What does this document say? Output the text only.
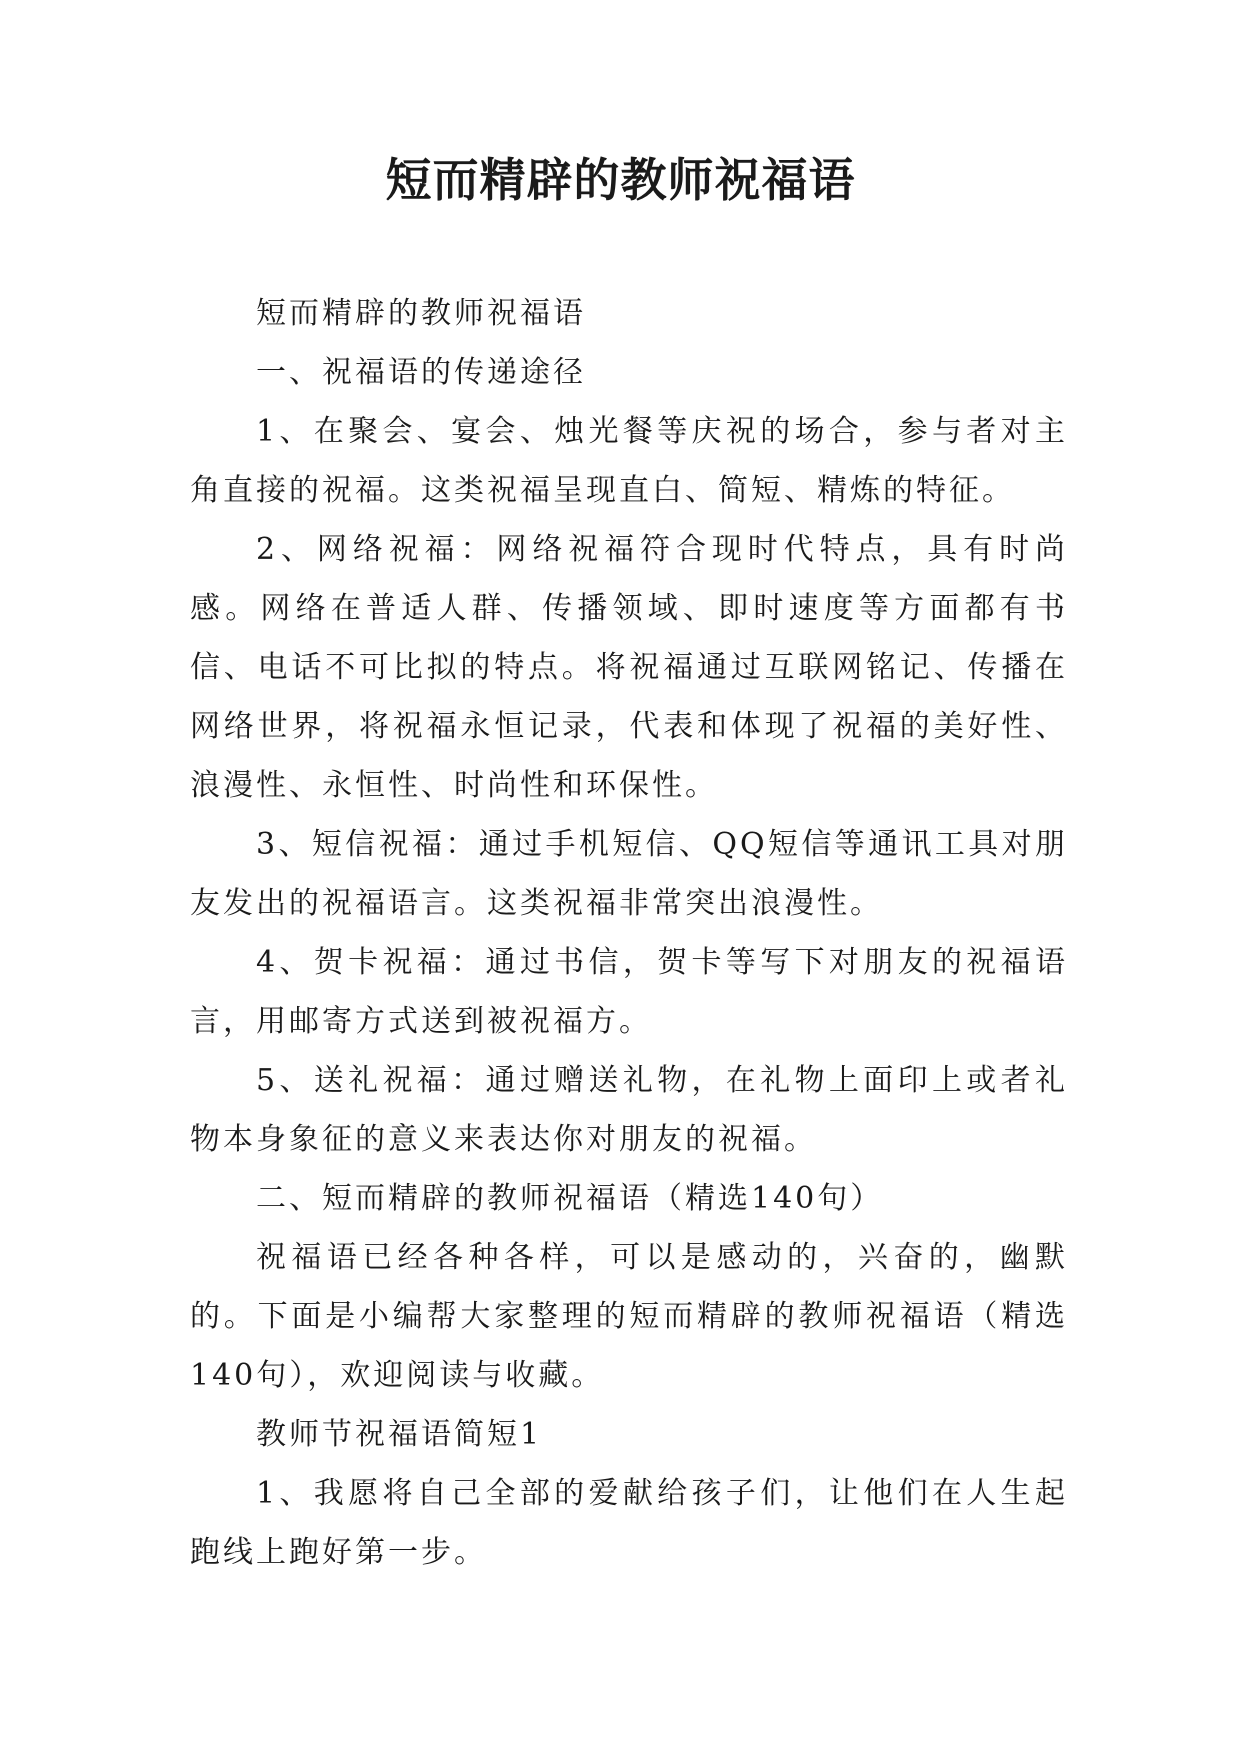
短而精辟的教师祝福语

短而精辟的教师祝福语

一、祝福语的传递途径

1、在聚会、宴会、烛光餐等庆祝的场合，参与者对主角直接的祝福。这类祝福呈现直白、简短、精炼的特征。

2、网络祝福：网络祝福符合现时代特点，具有时尚感。网络在普适人群、传播领域、即时速度等方面都有书信、电话不可比拟的特点。将祝福通过互联网铭记、传播在网络世界，将祝福永恒记录，代表和体现了祝福的美好性、浪漫性、永恒性、时尚性和环保性。

3、短信祝福：通过手机短信、QQ短信等通讯工具对朋友发出的祝福语言。这类祝福非常突出浪漫性。

4、贺卡祝福：通过书信，贺卡等写下对朋友的祝福语言，用邮寄方式送到被祝福方。

5、送礼祝福：通过赠送礼物，在礼物上面印上或者礼物本身象征的意义来表达你对朋友的祝福。

二、短而精辟的教师祝福语（精选140句）

祝福语已经各种各样，可以是感动的，兴奋的，幽默的。下面是小编帮大家整理的短而精辟的教师祝福语（精选140句），欢迎阅读与收藏。

教师节祝福语简短1

1、我愿将自己全部的爱献给孩子们，让他们在人生起跑线上跑好第一步。
